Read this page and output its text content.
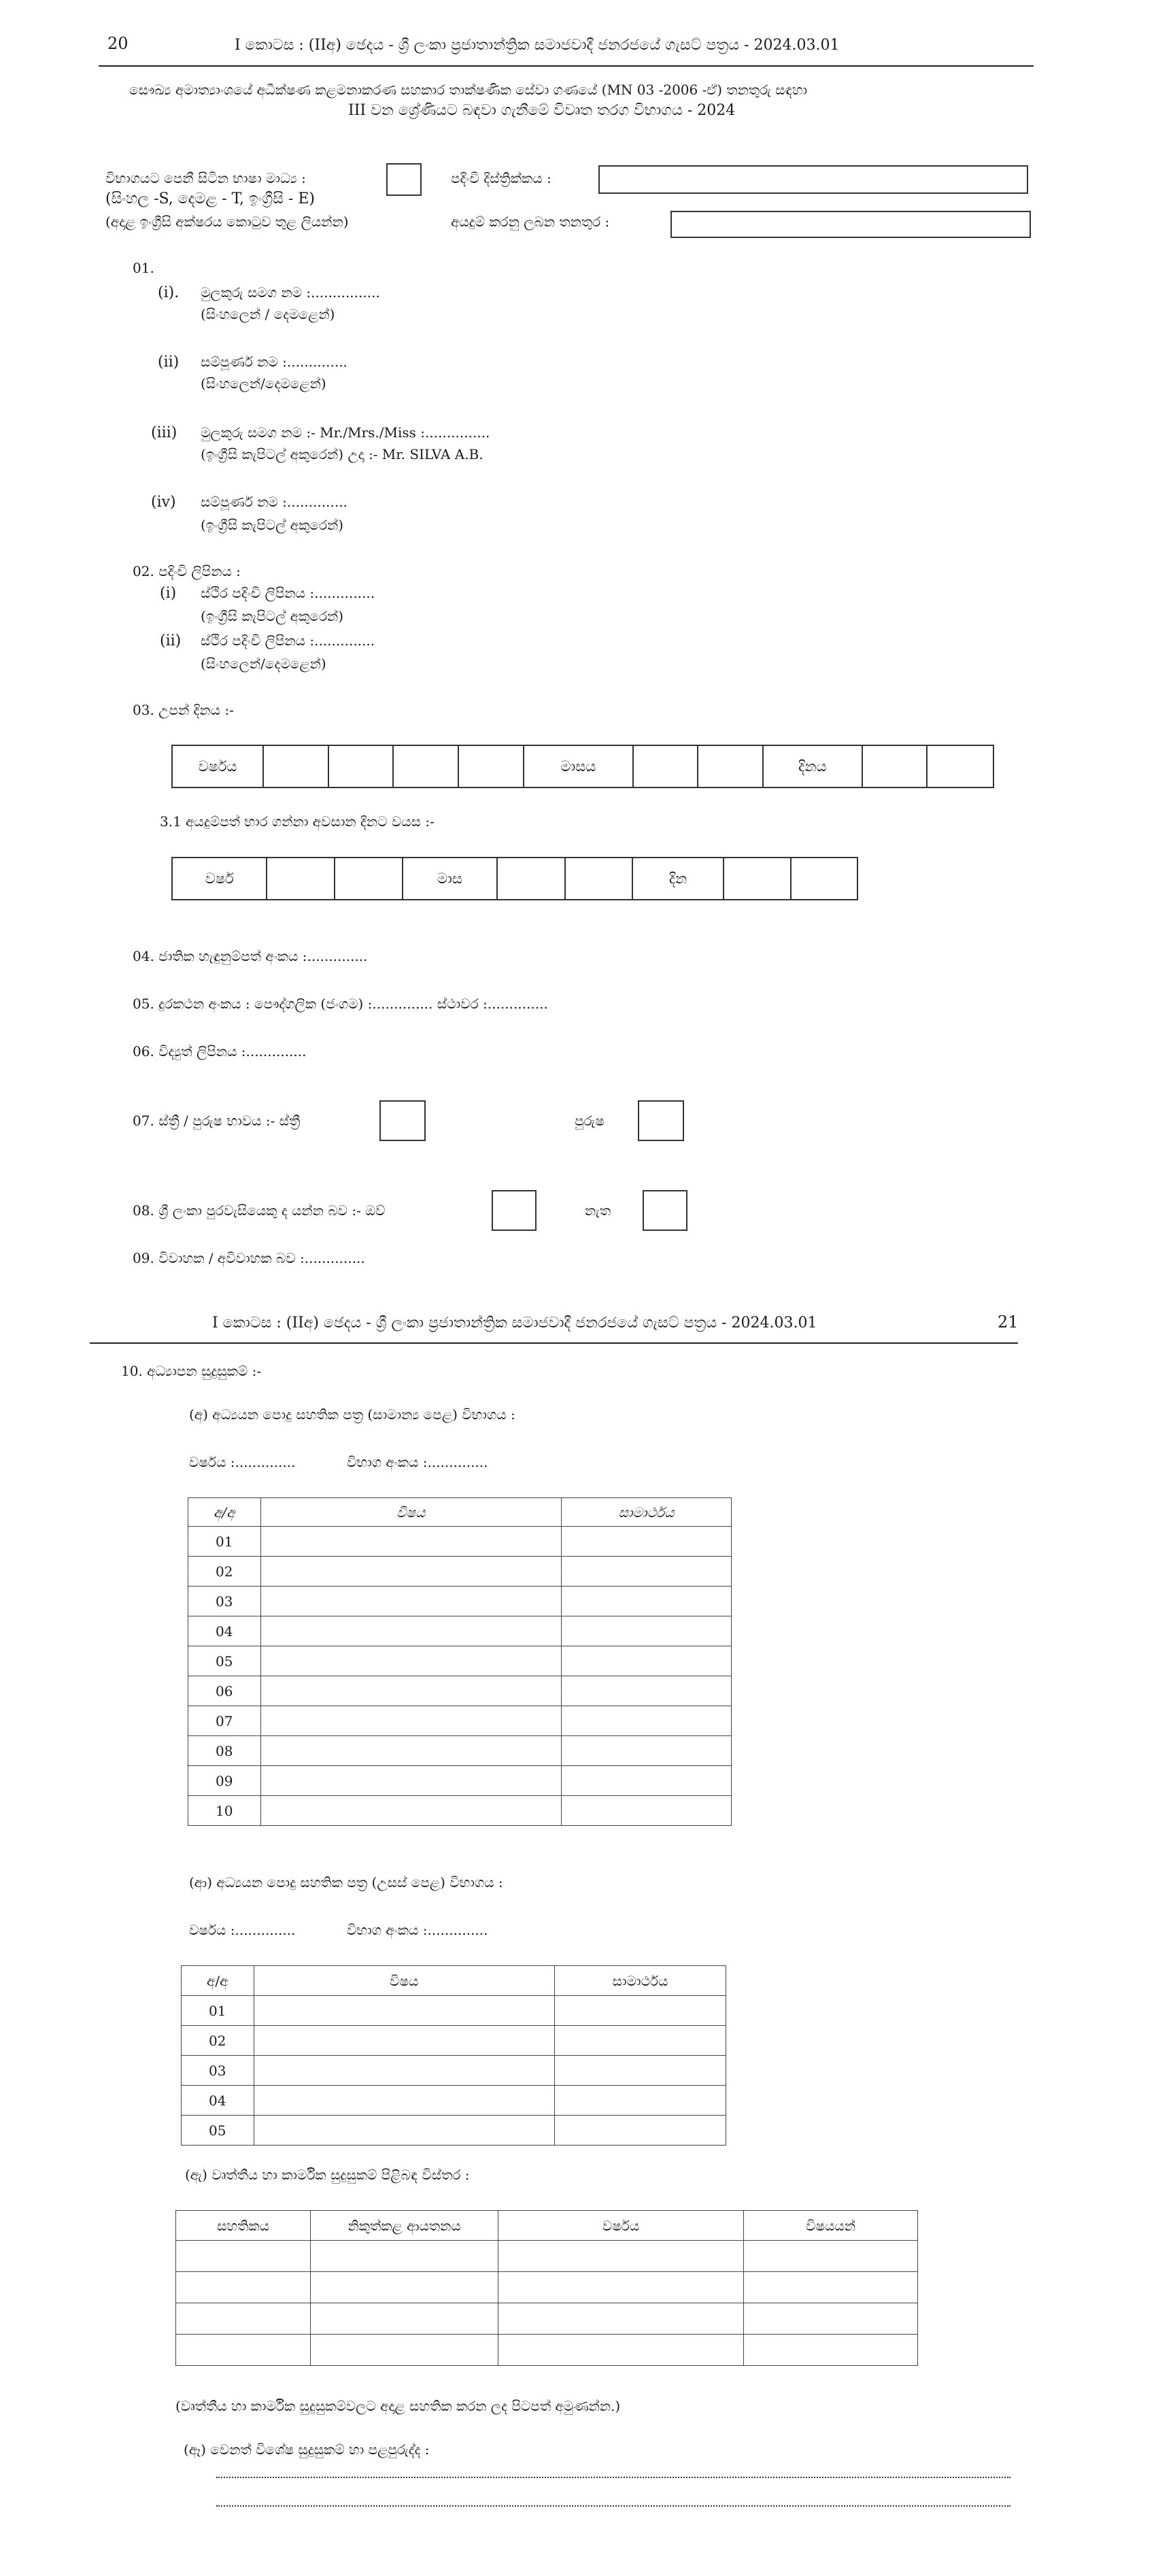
20	I කොටස : (IIඅ) ඡෙදය - ශ්‍රී ලංකා ප්‍රජාතාන්ත්‍රික සමාජවාදී ජනරජයේ ගැසට් පත්‍රය - 2024.03.01
සෞඛ්‍ය අමාත්‍යාංශයේ අධීක්ෂණ කළමනාකරණ සහකාර තාක්ෂණික සේවා ගණයේ (MN 03 -2006 -ඒ) තනතුරු සඳහා
III වන ශ්‍රේණියට බඳවා ගැනීමේ විවෘත තරග විභාගය - 2024
විභාගයට පෙනී සිටින භාෂා මාධ්‍ය :	පදිංචි දිස්ත්‍රික්කය :
(සිංහල -S, දෙමළ - T, ඉංග්‍රීසි - E)
(අදාළ ඉංග්‍රීසි අක්ෂරය කොටුව තුළ ලියන්න)	අයදුම් කරනු ලබන තනතුර :
01.
(i). මුලකුරු සමග නම :................
(සිංහලෙන් / දෙමළෙන්)
(ii) සම්පූර්ණ නම :..............
(සිංහලෙන්/දෙමළෙන්)
(iii) මුලකුරු සමග නම :- Mr./Mrs./Miss :...............
(ඉංග්‍රීසි කැපිටල් අකුරෙන්) උදා :- Mr. SILVA A.B.
(iv) සම්පූර්ණ නම :..............
(ඉංග්‍රීසි කැපිටල් අකුරෙන්)
02. පදිංචි ලිපිනය :
(i) ස්ථිර පදිංචි ලිපිනය :..............
(ඉංග්‍රීසි කැපිටල් අකුරෙන්)
(ii) ස්ථිර පදිංචි ලිපිනය :..............
(සිංහලෙන්/දෙමළෙන්)
03. උපන් දිනය :-
වර්ෂය	මාසය	දිනය
3.1 අයදුම්පත් භාර ගන්නා අවසාන දිනට වයස :-
වර්ෂ	මාස	දින
04. ජාතික හැඳුනුම්පත් අංකය :..............
05. දුරකථන අංකය : පෞද්ගලික (ජංගම) :.............. ස්ථාවර :..............
06. විද්‍යුත් ලිපිනය :..............
07. ස්ත්‍රී / පුරුෂ භාවය :- ස්ත්‍රී	පුරුෂ
08. ශ්‍රී ලංකා පුරවැසියෙකු ද යන්න බව :- ඔව්	නැත
09. විවාහක / අවිවාහක බව :..............
I කොටස : (IIඅ) ඡෙදය - ශ්‍රී ලංකා ප්‍රජාතාන්ත්‍රික සමාජවාදී ජනරජයේ ගැසට් පත්‍රය - 2024.03.01	21
10. අධ්‍යාපන සුදුසුකම් :-
(අ) අධ්‍යයන පොදු සහතික පත්‍ර (සාමාන්‍ය පෙළ) විභාගය :
වර්ෂය :..............	විභාග අංකය :..............
අ/අ	විෂය	සාමාර්ථය
01		
02		
03		
04		
05		
06		
07		
08		
09		
10		
(ආ) අධ්‍යයන පොදු සහතික පත්‍ර (උසස් පෙළ) විභාගය :
වර්ෂය :..............	විභාග අංකය :..............
අ/අ	විෂය	සාමාර්ථය
01		
02		
03		
04		
05		
(ඇ) වෘත්තීය හා කාර්මික සුදුසුකම් පිළිබඳ විස්තර :
සහතිකය	නිකුත්කළ ආයතනය	වර්ෂය	විෂයයන්

(වෘත්තීය හා කාර්මික සුදුසුකම්වලට අදාළ සහතික කරන ලද පිටපත් අමුණන්න.)
(ඈ) වෙනත් විශේෂ සුදුසුකම් හා පළපුරුද්ද :
